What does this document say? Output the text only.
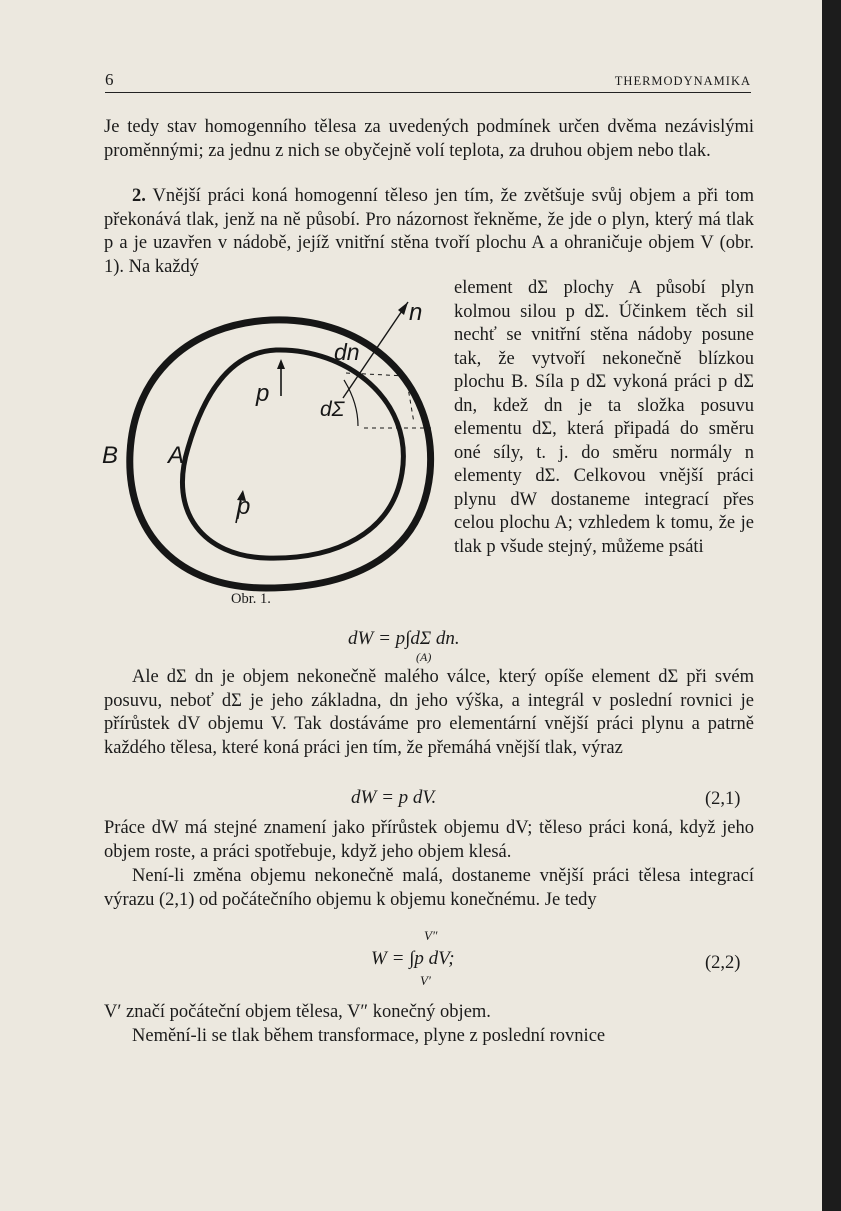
6	THERMODYNAMIKA
Je tedy stav homogenního tělesa za uvedených podmínek určen dvěma nezávislými proměnnými; za jednu z nich se obyčejně volí teplota, za druhou objem nebo tlak.
2. Vnější práci koná homogenní těleso jen tím, že zvětšuje svůj objem a při tom překonává tlak, jenž na ně působí. Pro názornost řekněme, že jde o plyn, který má tlak p a je uzavřen v nádobě, jejíž vnitřní stěna tvoří plochu A a ohraničuje objem V (obr. 1). Na každý
element dΣ plochy A působí plyn kolmou silou p dΣ. Účinkem těch sil nechť se vnitřní stěna nádoby posune tak, že vytvoří nekonečně blízkou plochu B. Síla p dΣ vykoná práci p dΣ dn, kdež dn je ta složka posuvu elementu dΣ, která připadá do směru oné síly, t. j. do směru normály n elementy dΣ. Celkovou vnější práci plynu dW dostaneme integrací přes celou plochu A; vzhledem k tomu, že je tlak p všude stejný, můžeme psáti
n
dn
p
dΣ
A
B
p
Obr. 1.
dW = p∫dΣ dn.
(A)
Ale dΣ dn je objem nekonečně malého válce, který opíše element dΣ při svém posuvu, neboť dΣ je jeho základna, dn jeho výška, a integrál v poslední rovnici je přírůstek dV objemu V. Tak dostáváme pro elementární vnější práci plynu a patrně každého tělesa, které koná práci jen tím, že přemáhá vnější tlak, výraz
dW = p dV.	(2,1)
Práce dW má stejné znamení jako přírůstek objemu dV; těleso práci koná, když jeho objem roste, a práci spotřebuje, když jeho objem klesá.
Není-li změna objemu nekonečně malá, dostaneme vnější práci tělesa integrací výrazu (2,1) od počátečního objemu k objemu konečnému. Je tedy
V″
W = ∫p dV;
V′
(2,2)
V′ značí počáteční objem tělesa, V″ konečný objem.
Nemění-li se tlak během transformace, plyne z poslední rovnice
